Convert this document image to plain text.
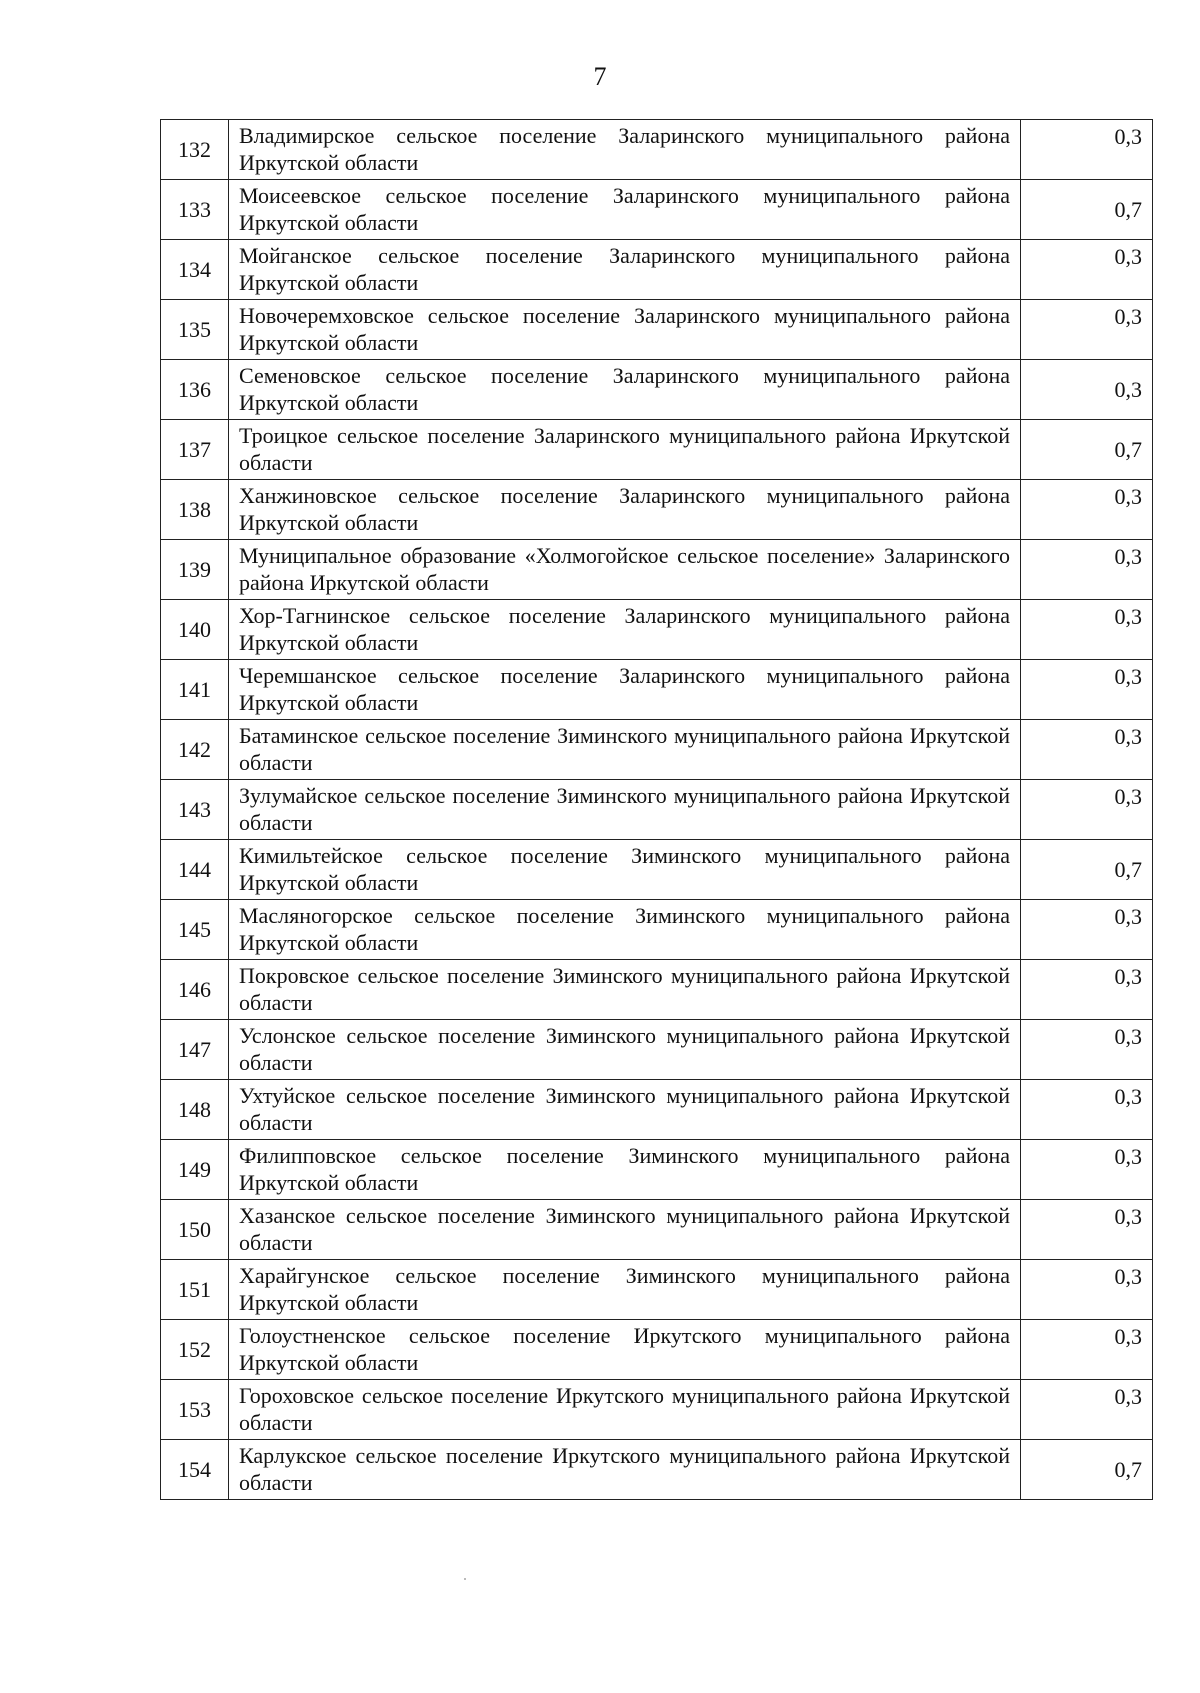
7
132	Владимирское сельское поселение Заларинского муниципального района Иркутской области	0,3
133	Моисеевское сельское поселение Заларинского муниципального района Иркутской области	0,7
134	Мойганское сельское поселение Заларинского муниципального района Иркутской области	0,3
135	Новочеремховское сельское поселение Заларинского муниципального района Иркутской области	0,3
136	Семеновское сельское поселение Заларинского муниципального района Иркутской области	0,3
137	Троицкое сельское поселение Заларинского муниципального района Иркутской области	0,7
138	Ханжиновское сельское поселение Заларинского муниципального района Иркутской области	0,3
139	Муниципальное образование «Холмогойское сельское поселение» Заларинского района Иркутской области	0,3
140	Хор-Тагнинское сельское поселение Заларинского муниципального района Иркутской области	0,3
141	Черемшанское сельское поселение Заларинского муниципального района Иркутской области	0,3
142	Батаминское сельское поселение Зиминского муниципального района Иркутской области	0,3
143	Зулумайское сельское поселение Зиминского муниципального района Иркутской области	0,3
144	Кимильтейское сельское поселение Зиминского муниципального района Иркутской области	0,7
145	Масляногорское сельское поселение Зиминского муниципального района Иркутской области	0,3
146	Покровское сельское поселение Зиминского муниципального района Иркутской области	0,3
147	Услонское сельское поселение Зиминского муниципального района Иркутской области	0,3
148	Ухтуйское сельское поселение Зиминского муниципального района Иркутской области	0,3
149	Филипповское сельское поселение Зиминского муниципального района Иркутской области	0,3
150	Хазанское сельское поселение Зиминского муниципального района Иркутской области	0,3
151	Харайгунское сельское поселение Зиминского муниципального района Иркутской области	0,3
152	Голоустненское сельское поселение Иркутского муниципального района Иркутской области	0,3
153	Гороховское сельское поселение Иркутского муниципального района Иркутской области	0,3
154	Карлукское сельское поселение Иркутского муниципального района Иркутской области	0,7
